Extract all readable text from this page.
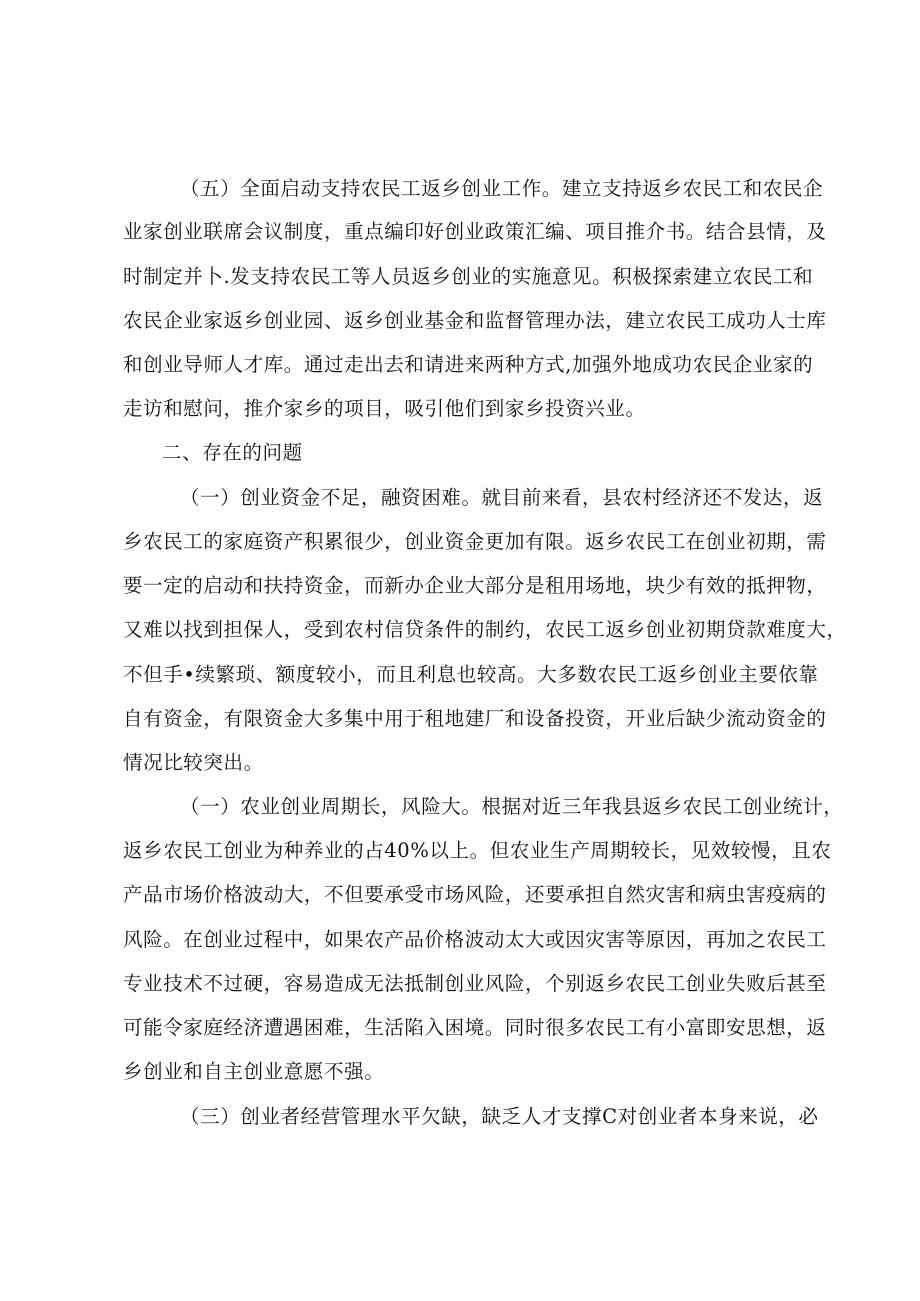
（五）全面启动支持农民工返乡创业工作。建立支持返乡农民工和农民企
业家创业联席会议制度，重点编印好创业政策汇编、项目推介书。结合县情，及
时制定并卜.发支持农民工等人员返乡创业的实施意见。积极探索建立农民工和
农民企业家返乡创业园、返乡创业基金和监督管理办法，建立农民工成功人士库
和创业导师人才库。通过走出去和请进来两种方式,加强外地成功农民企业家的
走访和慰问，推介家乡的项目，吸引他们到家乡投资兴业。
二、存在的问题
（一）创业资金不足，融资困难。就目前来看，县农村经济还不发达，返
乡农民工的家庭资产积累很少，创业资金更加有限。返乡农民工在创业初期，需
要一定的启动和扶持资金，而新办企业大部分是租用场地，块少有效的抵押物，
又难以找到担保人，受到农村信贷条件的制约，农民工返乡创业初期贷款难度大，
不但手•续繁琐、额度较小，而且利息也较高。大多数农民工返乡创业主要依靠
自有资金，有限资金大多集中用于租地建厂和设备投资，开业后缺少流动资金的
情况比较突出。
（一）农业创业周期长，风险大。根据对近三年我县返乡农民工创业统计，
返乡农民工创业为种养业的占40%以上。但农业生产周期较长，见效较慢，且农
产品市场价格波动大，不但要承受市场风险，还要承担自然灾害和病虫害疫病的
风险。在创业过程中，如果农产品价格波动太大或因灾害等原因，再加之农民工
专业技术不过硬，容易造成无法抵制创业风险，个别返乡农民工创业失败后甚至
可能令家庭经济遭遇困难，生活陷入困境。同时很多农民工有小富即安思想，返
乡创业和自主创业意愿不强。
（三）创业者经营管理水平欠缺，缺乏人才支撑C对创业者本身来说，必
